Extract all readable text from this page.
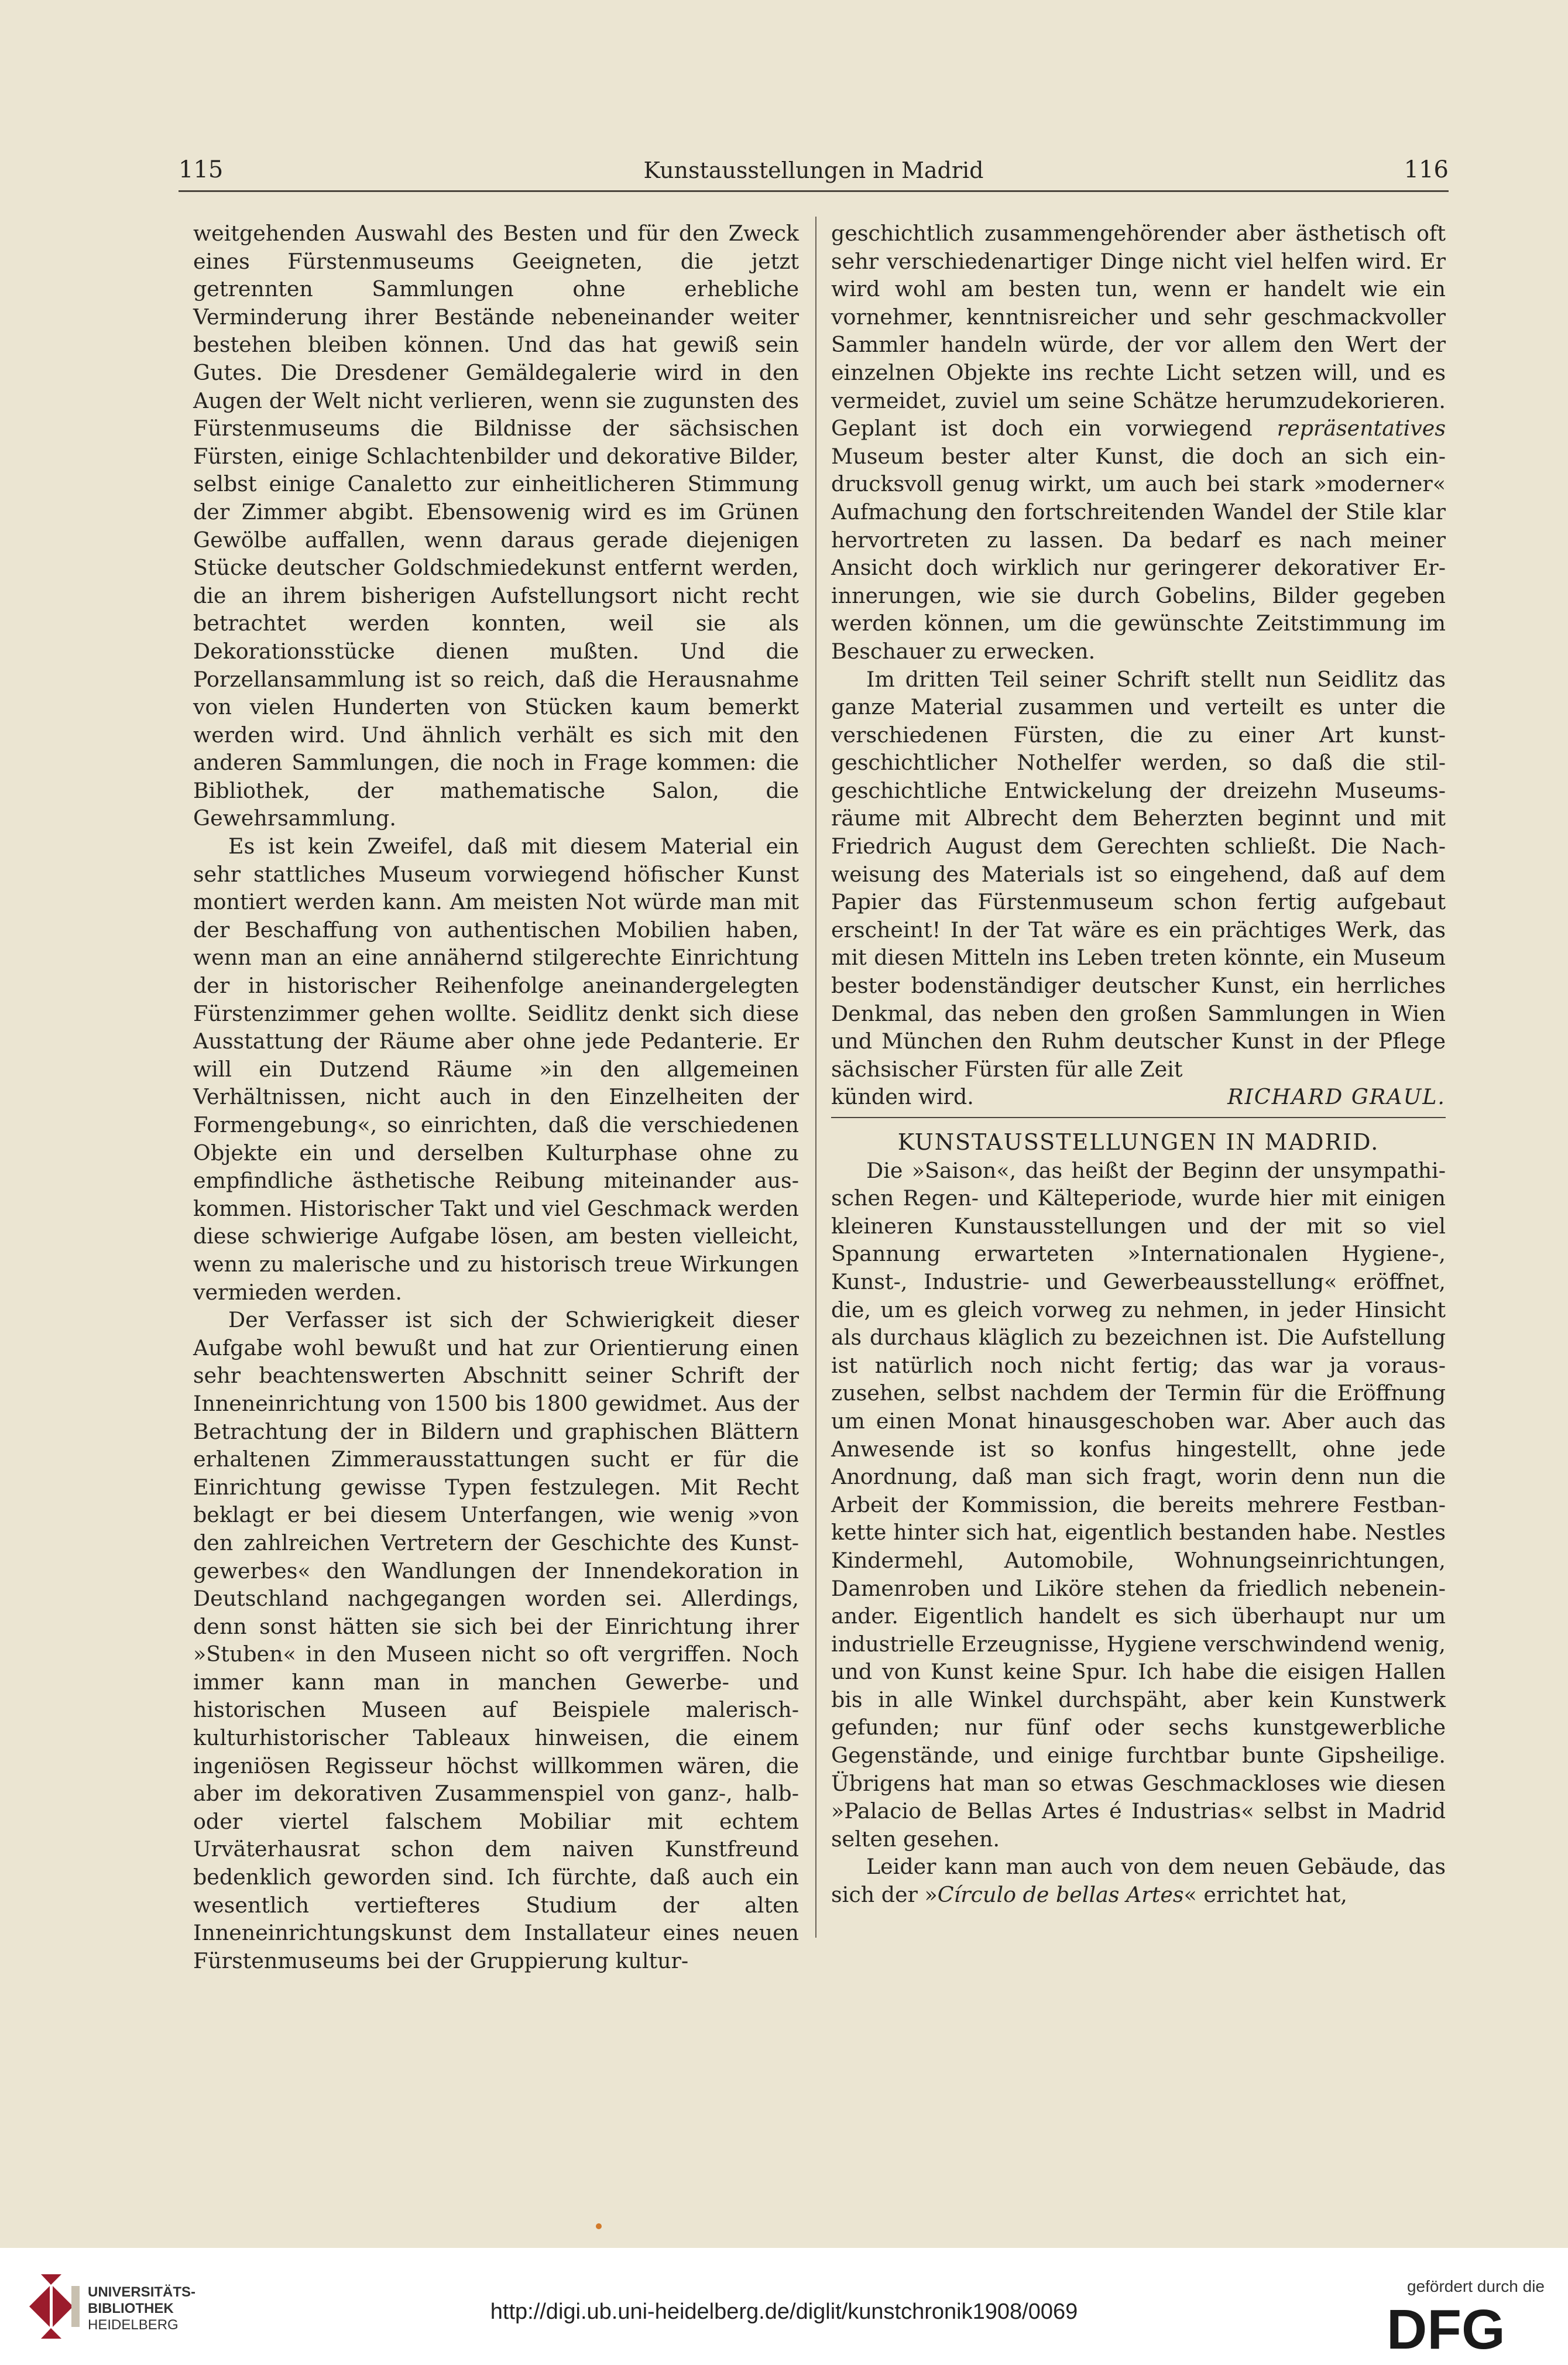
115	Kunstausstellungen in Madrid	116

weitgehenden Auswahl des Besten und für den Zweck eines Fürstenmuseums Geeigneten, die jetzt getrennten Sammlungen ohne erhebliche Verminderung ihrer Bestände nebeneinander weiter bestehen bleiben können. Und das hat gewiß sein Gutes. Die Dresdener Gemäldegalerie wird in den Augen der Welt nicht verlieren, wenn sie zugunsten des Fürstenmuseums die Bildnisse der sächsischen Fürsten, einige Schlachtenbilder und dekorative Bilder, selbst einige Canaletto zur einheitlicheren Stimmung der Zimmer abgibt. Ebensowenig wird es im Grünen Gewölbe auffallen, wenn daraus gerade diejenigen Stücke deutscher Goldschmiedekunst entfernt werden, die an ihrem bisherigen Aufstellungsort nicht recht betrachtet werden konnten, weil sie als Dekorationsstücke dienen mußten. Und die Porzellansammlung ist so reich, daß die Herausnahme von vielen Hunderten von Stücken kaum bemerkt werden wird. Und ähnlich verhält es sich mit den anderen Sammlungen, die noch in Frage kommen: die Bibliothek, der mathematische Salon, die Gewehrsammlung.

Es ist kein Zweifel, daß mit diesem Material ein sehr stattliches Museum vorwiegend höfischer Kunst montiert werden kann. Am meisten Not würde man mit der Beschaffung von authentischen Mobilien haben, wenn man an eine annähernd stilgerechte Einrichtung der in historischer Reihenfolge aneinandergelegten Fürstenzimmer gehen wollte. Seidlitz denkt sich diese Ausstattung der Räume aber ohne jede Pedanterie. Er will ein Dutzend Räume »in den allgemeinen Verhältnissen, nicht auch in den Einzelheiten der Formengebung«, so einrichten, daß die verschiedenen Objekte ein und derselben Kulturphase ohne zu empfindliche ästhetische Reibung miteinander auskommen. Historischer Takt und viel Geschmack werden diese schwierige Aufgabe lösen, am besten vielleicht, wenn zu malerische und zu historisch treue Wirkungen vermieden werden.

Der Verfasser ist sich der Schwierigkeit dieser Aufgabe wohl bewußt und hat zur Orientierung einen sehr beachtenswerten Abschnitt seiner Schrift der Inneneinrichtung von 1500 bis 1800 gewidmet. Aus der Betrachtung der in Bildern und graphischen Blättern erhaltenen Zimmerausstattungen sucht er für die Einrichtung gewisse Typen festzulegen. Mit Recht beklagt er bei diesem Unterfangen, wie wenig »von den zahlreichen Vertretern der Geschichte des Kunstgewerbes« den Wandlungen der Innendekoration in Deutschland nachgegangen worden sei. Allerdings, denn sonst hätten sie sich bei der Einrichtung ihrer »Stuben« in den Museen nicht so oft vergriffen. Noch immer kann man in manchen Gewerbe- und historischen Museen auf Beispiele malerisch-kulturhistorischer Tableaux hinweisen, die einem ingeniösen Regisseur höchst willkommen wären, die aber im dekorativen Zusammenspiel von ganz-, halb- oder viertel falschem Mobiliar mit echtem Urväterhausrat schon dem naiven Kunstfreund bedenklich geworden sind. Ich fürchte, daß auch ein wesentlich vertiefteres Studium der alten Inneneinrichtungskunst dem Installateur eines neuen Fürstenmuseums bei der Gruppierung kultur-

geschichtlich zusammengehörender aber ästhetisch oft sehr verschiedenartiger Dinge nicht viel helfen wird. Er wird wohl am besten tun, wenn er handelt wie ein vornehmer, kenntnisreicher und sehr geschmackvoller Sammler handeln würde, der vor allem den Wert der einzelnen Objekte ins rechte Licht setzen will, und es vermeidet, zuviel um seine Schätze herumzudekorieren. Geplant ist doch ein vorwiegend repräsentatives Museum bester alter Kunst, die doch an sich eindrucksvoll genug wirkt, um auch bei stark »moderner« Aufmachung den fortschreitenden Wandel der Stile klar hervortreten zu lassen. Da bedarf es nach meiner Ansicht doch wirklich nur geringerer dekorativer Erinnerungen, wie sie durch Gobelins, Bilder gegeben werden können, um die gewünschte Zeitstimmung im Beschauer zu erwecken.

Im dritten Teil seiner Schrift stellt nun Seidlitz das ganze Material zusammen und verteilt es unter die verschiedenen Fürsten, die zu einer Art kunstgeschichtlicher Nothelfer werden, so daß die stilgeschichtliche Entwickelung der dreizehn Museumsräume mit Albrecht dem Beherzten beginnt und mit Friedrich August dem Gerechten schließt. Die Nachweisung des Materials ist so eingehend, daß auf dem Papier das Fürstenmuseum schon fertig aufgebaut erscheint! In der Tat wäre es ein prächtiges Werk, das mit diesen Mitteln ins Leben treten könnte, ein Museum bester bodenständiger deutscher Kunst, ein herrliches Denkmal, das neben den großen Sammlungen in Wien und München den Ruhm deutscher Kunst in der Pflege sächsischer Fürsten für alle Zeit

künden wird.	RICHARD GRAUL.

KUNSTAUSSTELLUNGEN IN MADRID.

Die »Saison«, das heißt der Beginn der unsympathischen Regen- und Kälteperiode, wurde hier mit einigen kleineren Kunstausstellungen und der mit so viel Spannung erwarteten »Internationalen Hygiene-, Kunst-, Industrie- und Gewerbeausstellung« eröffnet, die, um es gleich vorweg zu nehmen, in jeder Hinsicht als durchaus kläglich zu bezeichnen ist. Die Aufstellung ist natürlich noch nicht fertig; das war ja vorauszusehen, selbst nachdem der Termin für die Eröffnung um einen Monat hinausgeschoben war. Aber auch das Anwesende ist so konfus hingestellt, ohne jede Anordnung, daß man sich fragt, worin denn nun die Arbeit der Kommission, die bereits mehrere Festbankette hinter sich hat, eigentlich bestanden habe. Nestles Kindermehl, Automobile, Wohnungseinrichtungen, Damenroben und Liköre stehen da friedlich nebeneinander. Eigentlich handelt es sich überhaupt nur um industrielle Erzeugnisse, Hygiene verschwindend wenig, und von Kunst keine Spur. Ich habe die eisigen Hallen bis in alle Winkel durchspäht, aber kein Kunstwerk gefunden; nur fünf oder sechs kunstgewerbliche Gegenstände, und einige furchtbar bunte Gipsheilige. Übrigens hat man so etwas Geschmackloses wie diesen »Palacio de Bellas Artes é Industrias« selbst in Madrid selten gesehen.

Leider kann man auch von dem neuen Gebäude, das sich der »Círculo de bellas Artes« errichtet hat,

UNIVERSITÄTS-
BIBLIOTHEK
HEIDELBERG
http://digi.ub.uni-heidelberg.de/diglit/kunstchronik1908/0069
gefördert durch die
DFG
